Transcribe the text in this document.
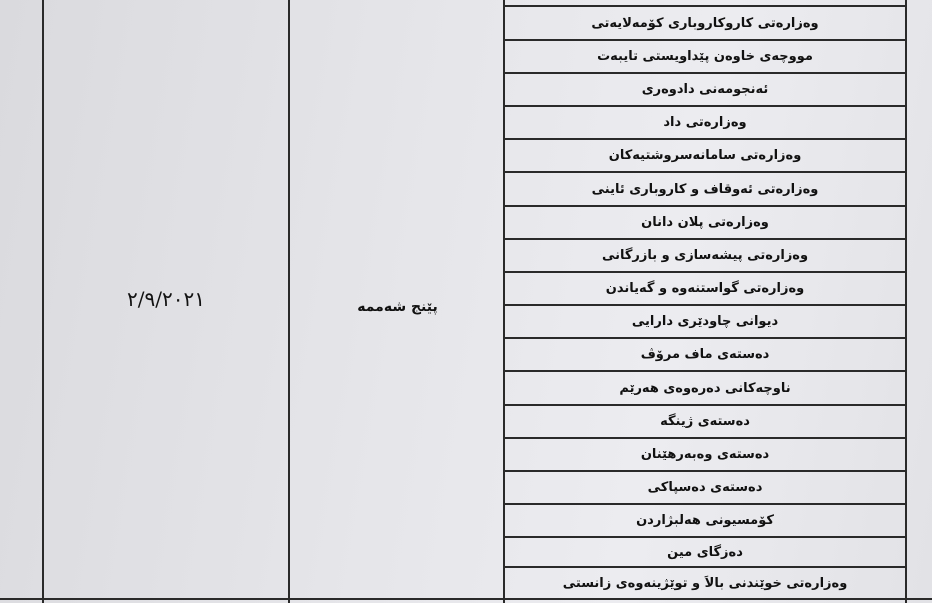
٢/٩/٢٠٢١	پێنج شەممە
وەزارەتی کاروکاروباری کۆمەلایەتی
مووچەی خاوەن پێداویستی تایبەت
ئەنجومەنی دادوەری
وەزارەتی داد
وەزارەتی سامانەسروشتیەکان
وەزارەتی ئەوقاف و کاروباری ئاینی
وەزارەتی پلان دانان
وەزارەتی پیشەسازی و بازرگانی
وەزارەتی گواستنەوە و گەیاندن
دیوانی چاودێری دارایی
دەستەی ماف مرۆڤ
ناوچەکانی دەرەوەی هەرێم
دەستەی ژینگە
دەستەی وەبەرهێنان
دەستەی دەسپاکی
کۆمسیونی هەلبژاردن
دەزگای مین
وەزارەتی خوێندنی بالاَ و توێژینەوەی زانستی
